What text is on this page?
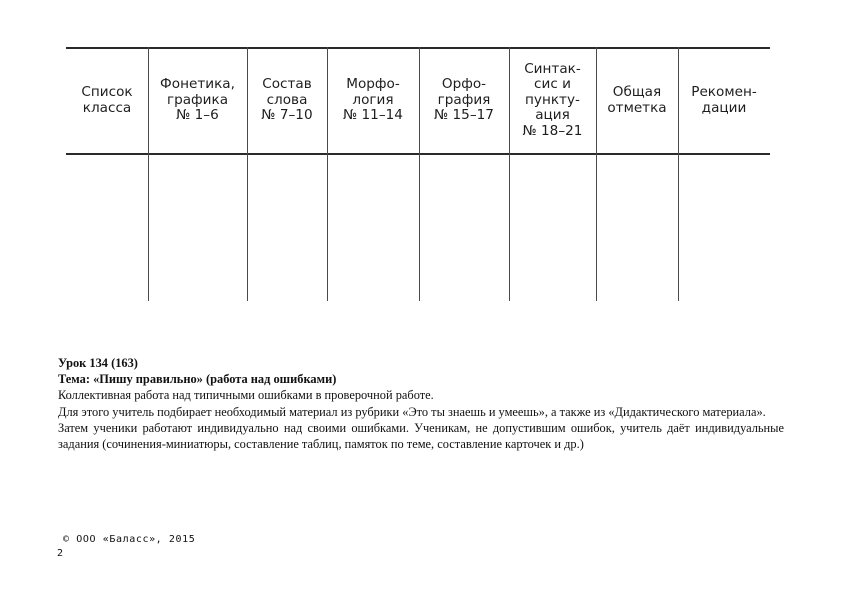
Список
класса
Фонетика,
графика
№ 1–6
Состав
слова
№ 7–10
Морфо-
логия
№ 11–14
Орфо-
графия
№ 15–17
Синтак-
сис и
пункту-
ация
№ 18–21
Общая
отметка
Рекомен-
дации

Урок 134 (163)

Тема: «Пишу правильно» (работа над ошибками)

Коллективная работа над типичными ошибками в проверочной работе.

Для этого учитель подбирает необходимый материал из рубрики «Это ты знаешь и умеешь», а также из «Дидактического материала».

Затем ученики работают индивидуально над своими ошибками. Ученикам, не допустившим ошибок, учитель даёт индивидуальные задания (сочинения-миниатюры, составление таблиц, памяток по теме, составление карточек и др.)

© ООО «Баласс», 2015
2
